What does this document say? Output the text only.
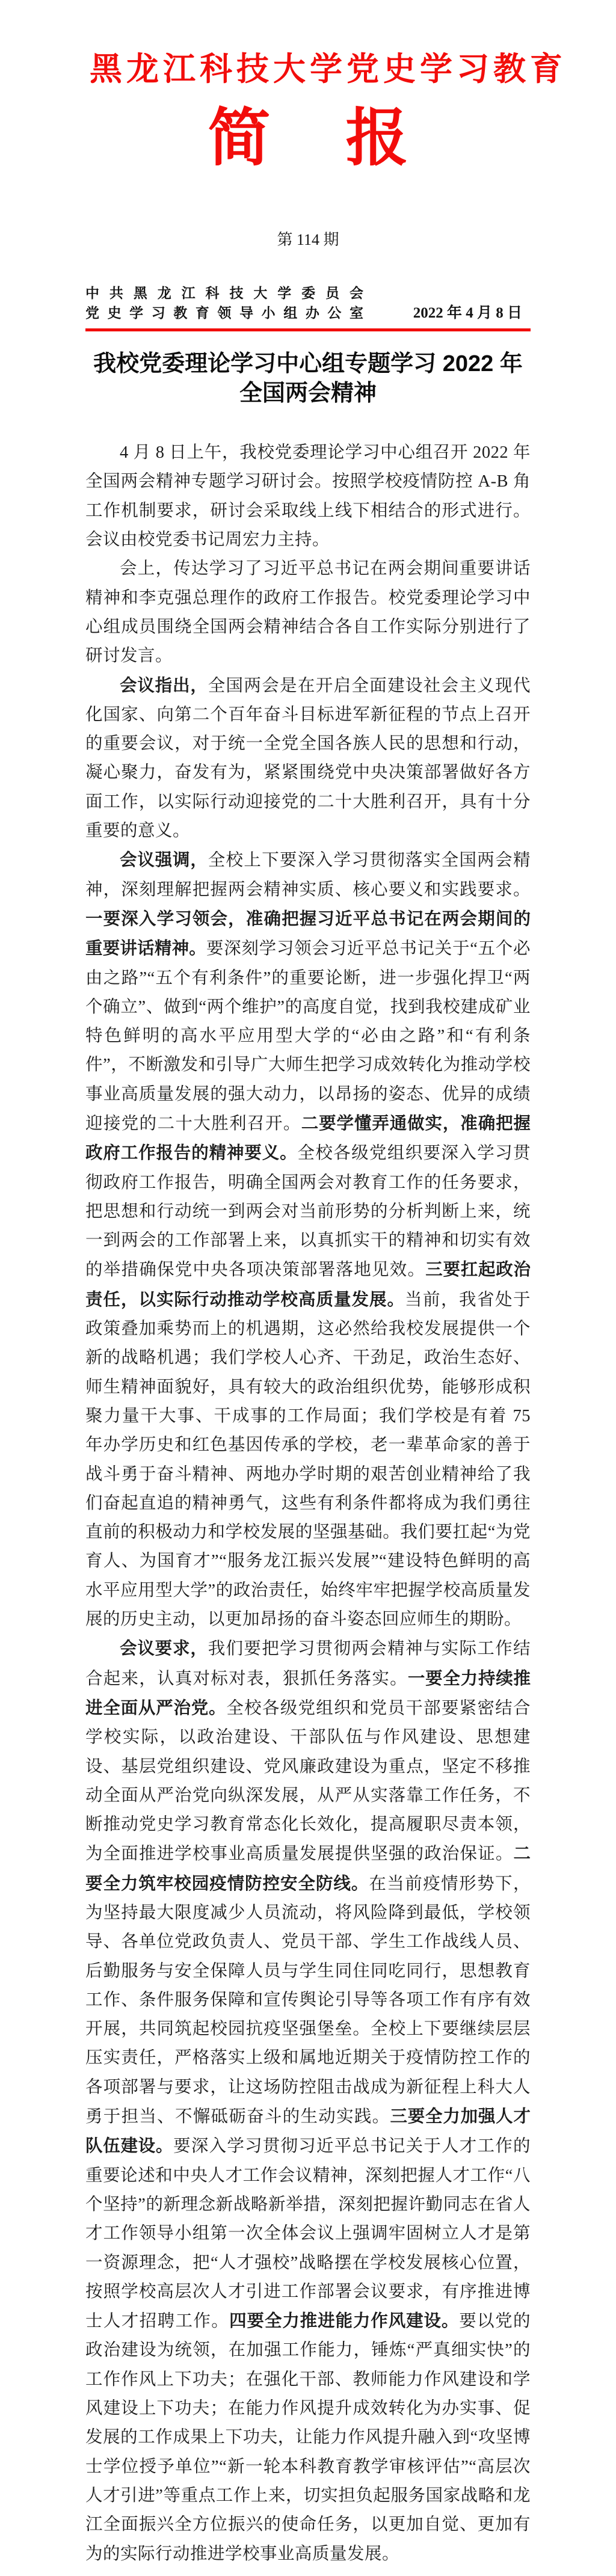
黑龙江科技大学党史学习教育
简 报
第 114 期
中共黑龙江科技大学委员会
党史学习教育领导小组办公室	2022 年 4 月 8 日
我校党委理论学习中心组专题学习 2022 年
全国两会精神

4 月 8 日上午，我校党委理论学习中心组召开 2022 年全国两会精神专题学习研讨会。按照学校疫情防控 A-B 角工作机制要求，研讨会采取线上线下相结合的形式进行。会议由校党委书记周宏力主持。

会上，传达学习了习近平总书记在两会期间重要讲话精神和李克强总理作的政府工作报告。校党委理论学习中心组成员围绕全国两会精神结合各自工作实际分别进行了研讨发言。

会议指出，全国两会是在开启全面建设社会主义现代化国家、向第二个百年奋斗目标进军新征程的节点上召开的重要会议，对于统一全党全国各族人民的思想和行动，凝心聚力，奋发有为，紧紧围绕党中央决策部署做好各方面工作，以实际行动迎接党的二十大胜利召开，具有十分重要的意义。

会议强调，全校上下要深入学习贯彻落实全国两会精神，深刻理解把握两会精神实质、核心要义和实践要求。一要深入学习领会，准确把握习近平总书记在两会期间的重要讲话精神。要深刻学习领会习近平总书记关于“五个必由之路”“五个有利条件”的重要论断，进一步强化捍卫“两个确立”、做到“两个维护”的高度自觉，找到我校建成矿业特色鲜明的高水平应用型大学的“必由之路”和“有利条件”，不断激发和引导广大师生把学习成效转化为推动学校事业高质量发展的强大动力，以昂扬的姿态、优异的成绩迎接党的二十大胜利召开。二要学懂弄通做实，准确把握政府工作报告的精神要义。全校各级党组织要深入学习贯彻政府工作报告，明确全国两会对教育工作的任务要求，把思想和行动统一到两会对当前形势的分析判断上来，统一到两会的工作部署上来，以真抓实干的精神和切实有效的举措确保党中央各项决策部署落地见效。三要扛起政治责任，以实际行动推动学校高质量发展。当前，我省处于政策叠加乘势而上的机遇期，这必然给我校发展提供一个新的战略机遇；我们学校人心齐、干劲足，政治生态好、师生精神面貌好，具有较大的政治组织优势，能够形成积聚力量干大事、干成事的工作局面；我们学校是有着 75 年办学历史和红色基因传承的学校，老一辈革命家的善于战斗勇于奋斗精神、两地办学时期的艰苦创业精神给了我们奋起直追的精神勇气，这些有利条件都将成为我们勇往直前的积极动力和学校发展的坚强基础。我们要扛起“为党育人、为国育才”“服务龙江振兴发展”“建设特色鲜明的高水平应用型大学”的政治责任，始终牢牢把握学校高质量发展的历史主动，以更加昂扬的奋斗姿态回应师生的期盼。

会议要求，我们要把学习贯彻两会精神与实际工作结合起来，认真对标对表，狠抓任务落实。一要全力持续推进全面从严治党。全校各级党组织和党员干部要紧密结合学校实际，以政治建设、干部队伍与作风建设、思想建设、基层党组织建设、党风廉政建设为重点，坚定不移推动全面从严治党向纵深发展，从严从实落靠工作任务，不断推动党史学习教育常态化长效化，提高履职尽责本领，为全面推进学校事业高质量发展提供坚强的政治保证。二要全力筑牢校园疫情防控安全防线。在当前疫情形势下，为坚持最大限度减少人员流动，将风险降到最低，学校领导、各单位党政负责人、党员干部、学生工作战线人员、后勤服务与安全保障人员与学生同住同吃同行，思想教育工作、条件服务保障和宣传舆论引导等各项工作有序有效开展，共同筑起校园抗疫坚强堡垒。全校上下要继续层层压实责任，严格落实上级和属地近期关于疫情防控工作的各项部署与要求，让这场防控阻击战成为新征程上科大人勇于担当、不懈砥砺奋斗的生动实践。三要全力加强人才队伍建设。要深入学习贯彻习近平总书记关于人才工作的重要论述和中央人才工作会议精神，深刻把握人才工作“八个坚持”的新理念新战略新举措，深刻把握许勤同志在省人才工作领导小组第一次全体会议上强调牢固树立人才是第一资源理念，把“人才强校”战略摆在学校发展核心位置，按照学校高层次人才引进工作部署会议要求，有序推进博士人才招聘工作。四要全力推进能力作风建设。要以党的政治建设为统领，在加强工作能力，锤炼“严真细实快”的工作作风上下功夫；在强化干部、教师能力作风建设和学风建设上下功夫；在能力作风提升成效转化为办实事、促发展的工作成果上下功夫，让能力作风提升融入到“攻坚博士学位授予单位”“新一轮本科教育教学审核评估”“高层次人才引进”等重点工作上来，切实担负起服务国家战略和龙江全面振兴全方位振兴的使命任务，以更加自觉、更加有为的实际行动推进学校事业高质量发展。
